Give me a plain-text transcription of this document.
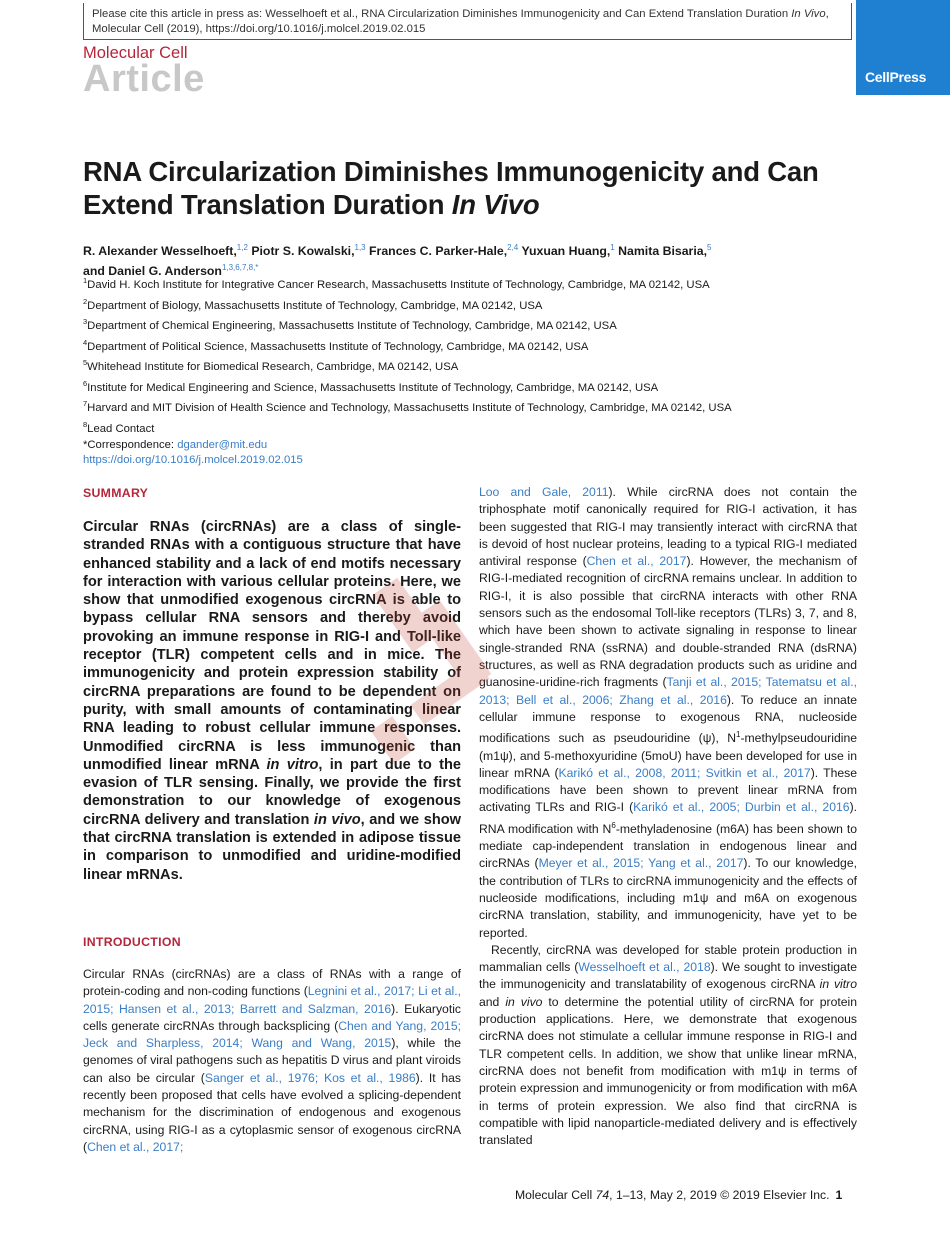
Please cite this article in press as: Wesselhoeft et al., RNA Circularization Diminishes Immunogenicity and Can Extend Translation Duration In Vivo,
Molecular Cell (2019), https://doi.org/10.1016/j.molcel.2019.02.015
Molecular Cell
Article	CellPress
RNA Circularization Diminishes Immunogenicity and Can Extend Translation Duration In Vivo
R. Alexander Wesselhoeft,$^{1,2}$ Piotr S. Kowalski,$^{1,3}$ Frances C. Parker-Hale,$^{2,4}$ Yuxuan Huang,$^1$ Namita Bisaria,$^5$
and Daniel G. Anderson$^{1,3,6,7,8,*}$
$^1$David H. Koch Institute for Integrative Cancer Research, Massachusetts Institute of Technology, Cambridge, MA 02142, USA
$^2$Department of Biology, Massachusetts Institute of Technology, Cambridge, MA 02142, USA
$^3$Department of Chemical Engineering, Massachusetts Institute of Technology, Cambridge, MA 02142, USA
$^4$Department of Political Science, Massachusetts Institute of Technology, Cambridge, MA 02142, USA
$^5$Whitehead Institute for Biomedical Research, Cambridge, MA 02142, USA
$^6$Institute for Medical Engineering and Science, Massachusetts Institute of Technology, Cambridge, MA 02142, USA
$^7$Harvard and MIT Division of Health Science and Technology, Massachusetts Institute of Technology, Cambridge, MA 02142, USA
$^8$Lead Contact
*Correspondence: dgander@mit.edu
https://doi.org/10.1016/j.molcel.2019.02.015
SUMMARY
Circular RNAs (circRNAs) are a class of single-stranded RNAs with a contiguous structure that have enhanced stability and a lack of end motifs necessary for interaction with various cellular proteins. Here, we show that unmodified exogenous circRNA is able to bypass cellular RNA sensors and thereby avoid provoking an immune response in RIG-I and Toll-like receptor (TLR) competent cells and in mice. The immunogenicity and protein expression stability of circRNA preparations are found to be dependent on purity, with small amounts of contaminating linear RNA leading to robust cellular immune responses. Unmodified circRNA is less immunogenic than unmodified linear mRNA in vitro, in part due to the evasion of TLR sensing. Finally, we provide the first demonstration to our knowledge of exogenous circRNA delivery and translation in vivo, and we show that circRNA translation is extended in adipose tissue in comparison to unmodified and uridine-modified linear mRNAs.
INTRODUCTION

Circular RNAs (circRNAs) are a class of RNAs with a range of protein-coding and non-coding functions (Legnini et al., 2017; Li et al., 2015; Hansen et al., 2013; Barrett and Salzman, 2016). Eukaryotic cells generate circRNAs through backsplicing (Chen and Yang, 2015; Jeck and Sharpless, 2014; Wang and Wang, 2015), while the genomes of viral pathogens such as hepatitis D virus and plant viroids can also be circular (Sanger et al., 1976; Kos et al., 1986). It has recently been proposed that cells have evolved a splicing-dependent mechanism for the discrimination of endogenous and exogenous circRNA, using RIG-I as a cytoplasmic sensor of exogenous circRNA (Chen et al., 2017;

Loo and Gale, 2011). While circRNA does not contain the triphosphate motif canonically required for RIG-I activation, it has been suggested that RIG-I may transiently interact with circRNA that is devoid of host nuclear proteins, leading to a typical RIG-I mediated antiviral response (Chen et al., 2017). However, the mechanism of RIG-I-mediated recognition of circRNA remains unclear. In addition to RIG-I, it is also possible that circRNA interacts with other RNA sensors such as the endosomal Toll-like receptors (TLRs) 3, 7, and 8, which have been shown to activate signaling in response to linear single-stranded RNA (ssRNA) and double-stranded RNA (dsRNA) structures, as well as RNA degradation products such as uridine and guanosine-uridine-rich fragments (Tanji et al., 2015; Tatematsu et al., 2013; Bell et al., 2006; Zhang et al., 2016). To reduce an innate cellular immune response to exogenous RNA, nucleoside modifications such as pseudouridine (ψ), $N^1$-methylpseudouridine (m1ψ), and 5-methoxyuridine (5moU) have been developed for use in linear mRNA (Karikó et al., 2008, 2011; Svitkin et al., 2017). These modifications have been shown to prevent linear mRNA from activating TLRs and RIG-I (Karikó et al., 2005; Durbin et al., 2016). RNA modification with $N^6$-methyladenosine (m6A) has been shown to mediate cap-independent translation in endogenous linear and circRNAs (Meyer et al., 2015; Yang et al., 2017). To our knowledge, the contribution of TLRs to circRNA immunogenicity and the effects of nucleoside modifications, including m1ψ and m6A on exogenous circRNA translation, stability, and immunogenicity, have yet to be reported.

Recently, circRNA was developed for stable protein production in mammalian cells (Wesselhoeft et al., 2018). We sought to investigate the immunogenicity and translatability of exogenous circRNA in vitro and in vivo to determine the potential utility of circRNA for protein production applications. Here, we demonstrate that exogenous circRNA does not stimulate a cellular immune response in RIG-I and TLR competent cells. In addition, we show that unlike linear mRNA, circRNA does not benefit from modification with m1ψ in terms of protein expression and immunogenicity or from modification with m6A in terms of protein expression. We also find that circRNA is compatible with lipid nanoparticle-mediated delivery and is effectively translated

Molecular Cell 74, 1–13, May 2, 2019 © 2019 Elsevier Inc. 1
